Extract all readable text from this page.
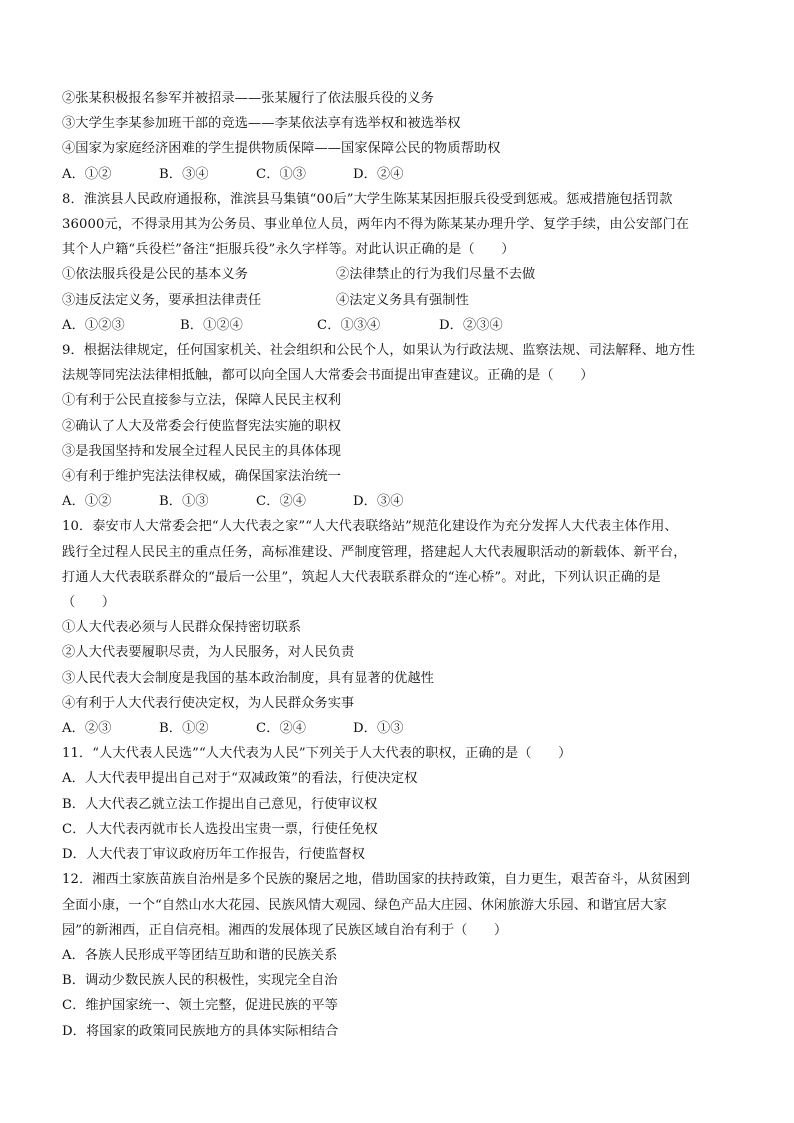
②张某积极报名参军并被招录——张某履行了依法服兵役的义务
③大学生李某参加班干部的竞选——李某依法享有选举权和被选举权
④国家为家庭经济困难的学生提供物质保障——国家保障公民的物质帮助权
A．①②	B．③④	C．①③	D．②④
8．淮滨县人民政府通报称，淮滨县马集镇“00后”大学生陈某某因拒服兵役受到惩戒。惩戒措施包括罚款
36000元，不得录用其为公务员、事业单位人员，两年内不得为陈某某办理升学、复学手续，由公安部门在
其个人户籍“兵役栏”备注“拒服兵役”永久字样等。对此认识正确的是（　　）
①依法服兵役是公民的基本义务	②法律禁止的行为我们尽量不去做
③违反法定义务，要承担法律责任	④法定义务具有强制性
A．①②③	B．①②④	C．①③④	D．②③④
9．根据法律规定，任何国家机关、社会组织和公民个人，如果认为行政法规、监察法规、司法解释、地方性
法规等同宪法法律相抵触，都可以向全国人大常委会书面提出审查建议。正确的是（　　）
①有利于公民直接参与立法，保障人民民主权利
②确认了人大及常委会行使监督宪法实施的职权
③是我国坚持和发展全过程人民民主的具体体现
④有利于维护宪法法律权威，确保国家法治统一
A．①②	B．①③	C．②④	D．③④
10．泰安市人大常委会把“人大代表之家”“人大代表联络站”规范化建设作为充分发挥人大代表主体作用、
践行全过程人民民主的重点任务，高标准建设、严制度管理，搭建起人大代表履职活动的新载体、新平台，
打通人大代表联系群众的“最后一公里”，筑起人大代表联系群众的“连心桥”。对此，下列认识正确的是
（　　）
①人大代表必须与人民群众保持密切联系
②人大代表要履职尽责，为人民服务，对人民负责
③人民代表大会制度是我国的基本政治制度，具有显著的优越性
④有利于人大代表行使决定权，为人民群众务实事
A．②③	B．①②	C．②④	D．①③
11．“人大代表人民选”“人大代表为人民”下列关于人大代表的职权，正确的是（　　）
A．人大代表甲提出自己对于“双减政策”的看法，行使决定权
B．人大代表乙就立法工作提出自己意见，行使审议权
C．人大代表丙就市长人选投出宝贵一票，行使任免权
D．人大代表丁审议政府历年工作报告，行使监督权
12．湘西土家族苗族自治州是多个民族的聚居之地，借助国家的扶持政策，自力更生，艰苦奋斗，从贫困到
全面小康，一个“自然山水大花园、民族风情大观园、绿色产品大庄园、休闲旅游大乐园、和谐宜居大家
园”的新湘西，正自信亮相。湘西的发展体现了民族区域自治有利于（　　）
A．各族人民形成平等团结互助和谐的民族关系
B．调动少数民族人民的积极性，实现完全自治
C．维护国家统一、领土完整，促进民族的平等
D．将国家的政策同民族地方的具体实际相结合
